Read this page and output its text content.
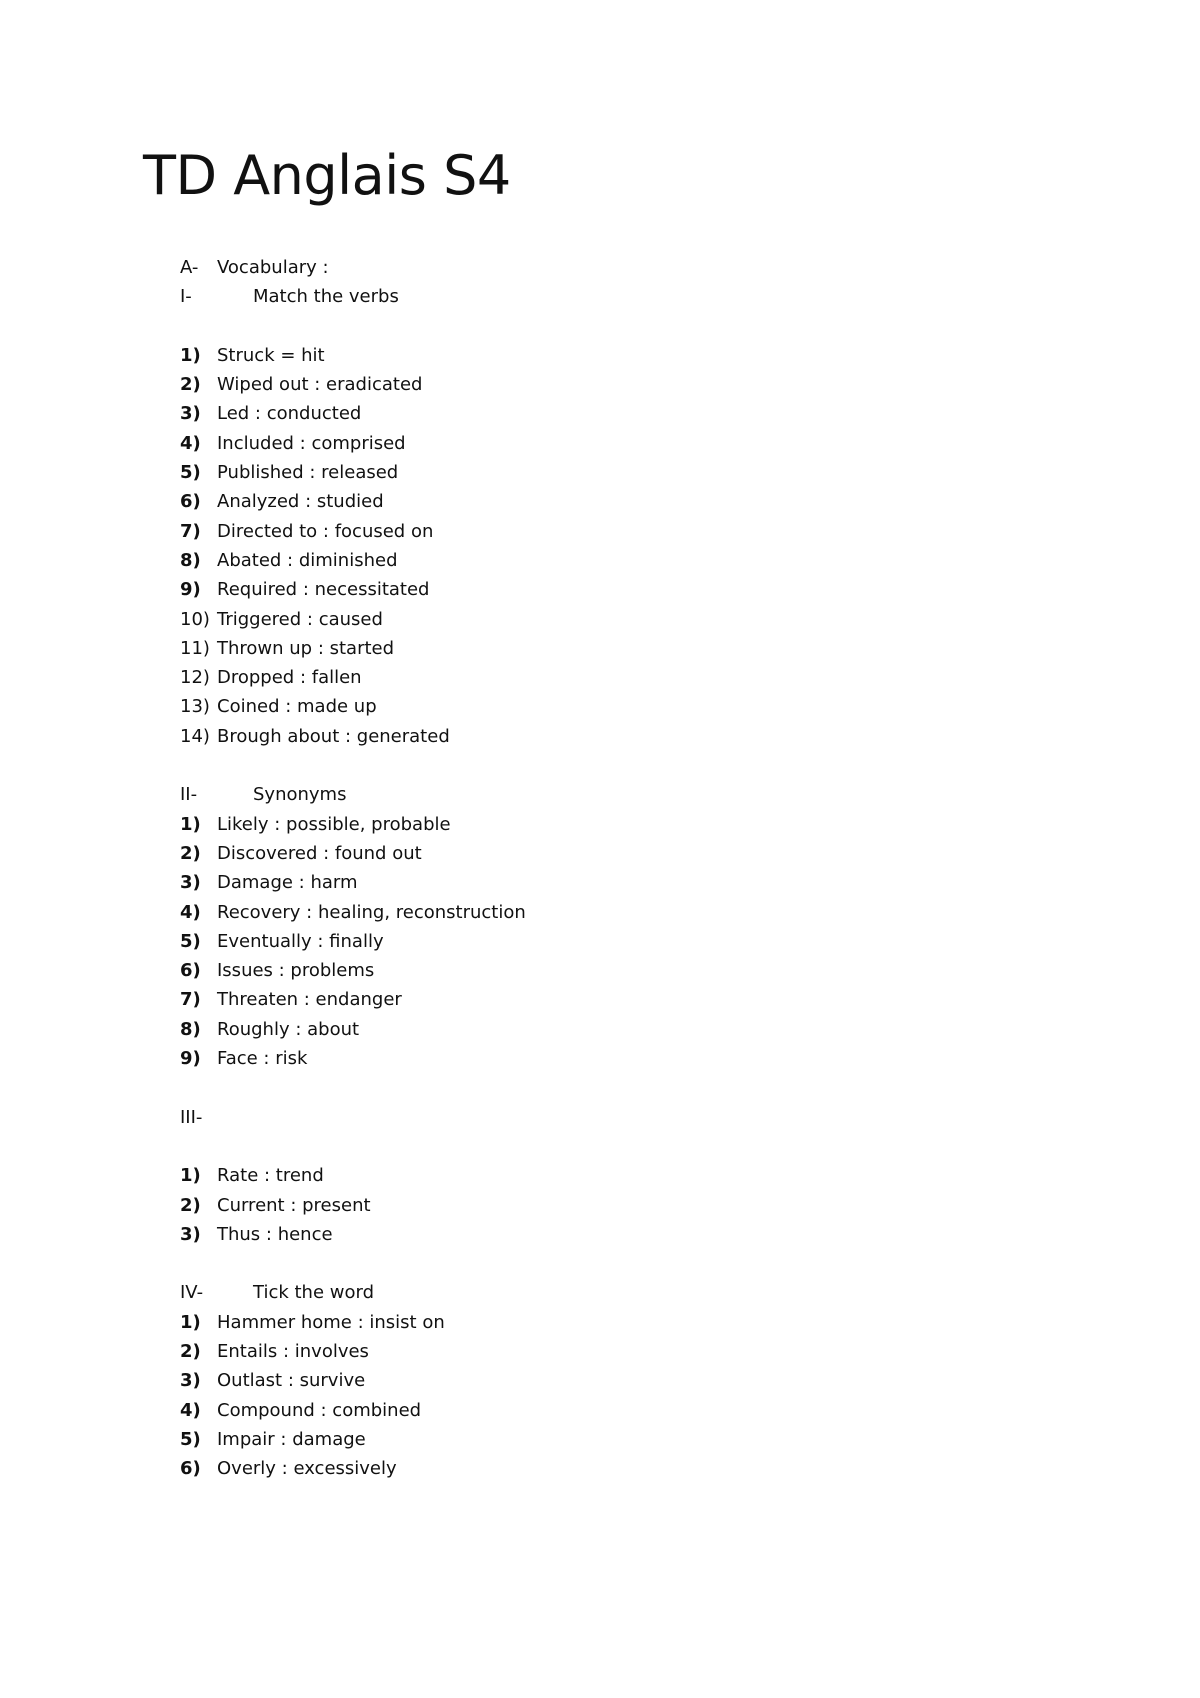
TD Anglais S4
A- Vocabulary :
I-	Match the verbs
1) Struck = hit
2) Wiped out : eradicated
3) Led : conducted
4) Included : comprised
5) Published : released
6) Analyzed : studied
7) Directed to : focused on
8) Abated : diminished
9) Required : necessitated
10) Triggered : caused
11) Thrown up : started
12) Dropped : fallen
13) Coined : made up
14) Brough about : generated
II-	Synonyms
1) Likely : possible, probable
2) Discovered : found out
3) Damage : harm
4) Recovery : healing, reconstruction
5) Eventually : finally
6) Issues : problems
7) Threaten : endanger
8) Roughly : about
9) Face : risk
III-
1) Rate : trend
2) Current : present
3) Thus : hence
IV-	Tick the word
1) Hammer home : insist on
2) Entails : involves
3) Outlast : survive
4) Compound : combined
5) Impair : damage
6) Overly : excessively
